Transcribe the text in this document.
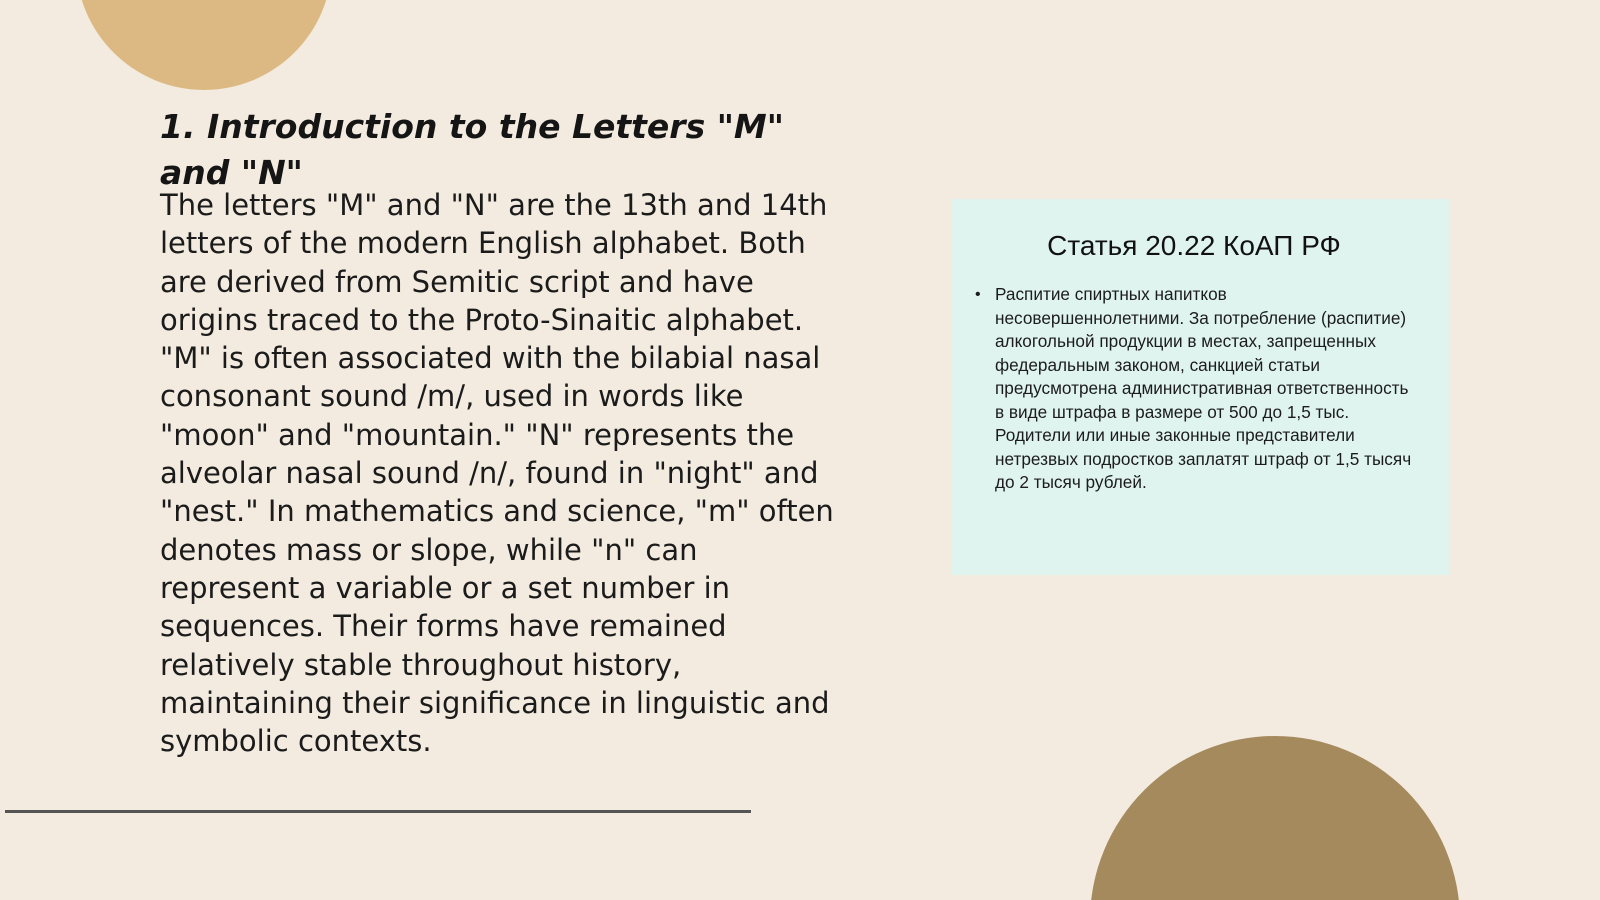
1. Introduction to the Letters "M" and "N"

The letters "M" and "N" are the 13th and 14th letters of the modern English alphabet. Both are derived from Semitic script and have origins traced to the Proto-Sinaitic alphabet. "M" is often associated with the bilabial nasal consonant sound /m/, used in words like "moon" and "mountain." "N" represents the alveolar nasal sound /n/, found in "night" and "nest." In mathematics and science, "m" often denotes mass or slope, while "n" can represent a variable or a set number in sequences. Their forms have remained relatively stable throughout history, maintaining their significance in linguistic and symbolic contexts.

Статья 20.22 КоАП РФ
• Распитие спиртных напитков несовершеннолетними. За потребление (распитие) алкогольной продукции в местах, запрещенных федеральным законом, санкцией статьи предусмотрена административная ответственность в виде штрафа в размере от 500 до 1,5 тыс. Родители или иные законные представители нетрезвых подростков заплатят штраф от 1,5 тысяч до 2 тысяч рублей.
